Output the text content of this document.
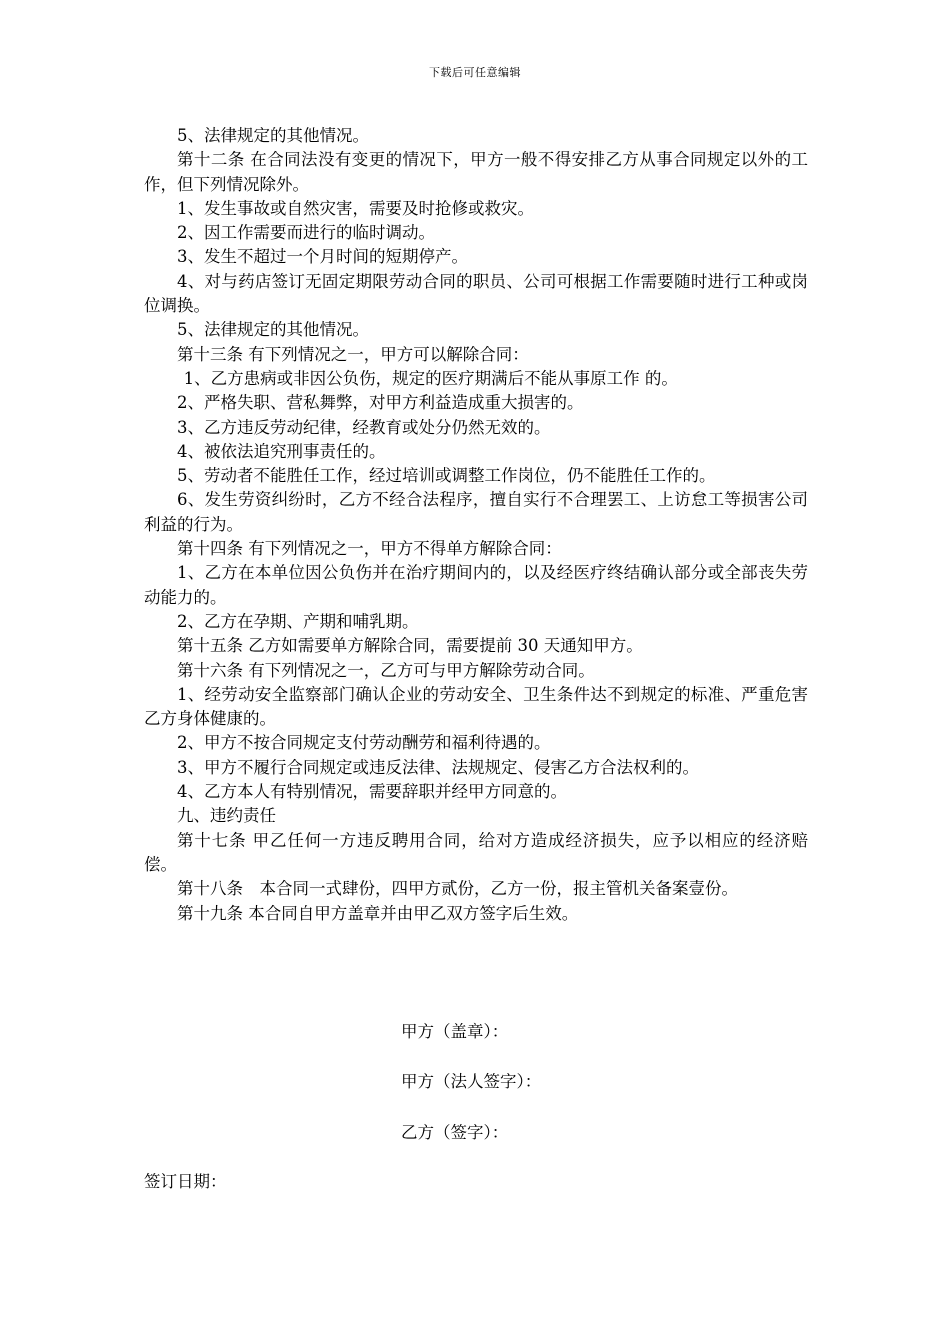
下载后可任意编辑

5、法律规定的其他情况。

第十二条 在合同法没有变更的情况下，甲方一般不得安排乙方从事合同规定以外的工作，但下列情况除外。

1、发生事故或自然灾害，需要及时抢修或救灾。

2、因工作需要而进行的临时调动。

3、发生不超过一个月时间的短期停产。

4、对与药店签订无固定期限劳动合同的职员、公司可根据工作需要随时进行工种或岗位调换。

5、法律规定的其他情况。

第十三条 有下列情况之一，甲方可以解除合同：

1、乙方患病或非因公负伤，规定的医疗期满后不能从事原工作 的。

2、严格失职、营私舞弊，对甲方利益造成重大损害的。

3、乙方违反劳动纪律，经教育或处分仍然无效的。

4、被依法追究刑事责任的。

5、劳动者不能胜任工作，经过培训或调整工作岗位，仍不能胜任工作的。

6、发生劳资纠纷时，乙方不经合法程序，擅自实行不合理罢工、上访怠工等损害公司利益的行为。

第十四条 有下列情况之一，甲方不得单方解除合同：

1、乙方在本单位因公负伤并在治疗期间内的，以及经医疗终结确认部分或全部丧失劳动能力的。

2、乙方在孕期、产期和哺乳期。

第十五条 乙方如需要单方解除合同，需要提前 30 天通知甲方。

第十六条 有下列情况之一，乙方可与甲方解除劳动合同。

1、经劳动安全监察部门确认企业的劳动安全、卫生条件达不到规定的标准、严重危害乙方身体健康的。

2、甲方不按合同规定支付劳动酬劳和福利待遇的。

3、甲方不履行合同规定或违反法律、法规规定、侵害乙方合法权利的。

4、乙方本人有特别情况，需要辞职并经甲方同意的。

九、违约责任

第十七条 甲乙任何一方违反聘用合同，给对方造成经济损失，应予以相应的经济赔偿。

第十八条　本合同一式肆份，四甲方贰份，乙方一份，报主管机关备案壹份。

第十九条 本合同自甲方盖章并由甲乙双方签字后生效。

甲方（盖章）：
甲方（法人签字）：
乙方（签字）：
签订日期：
